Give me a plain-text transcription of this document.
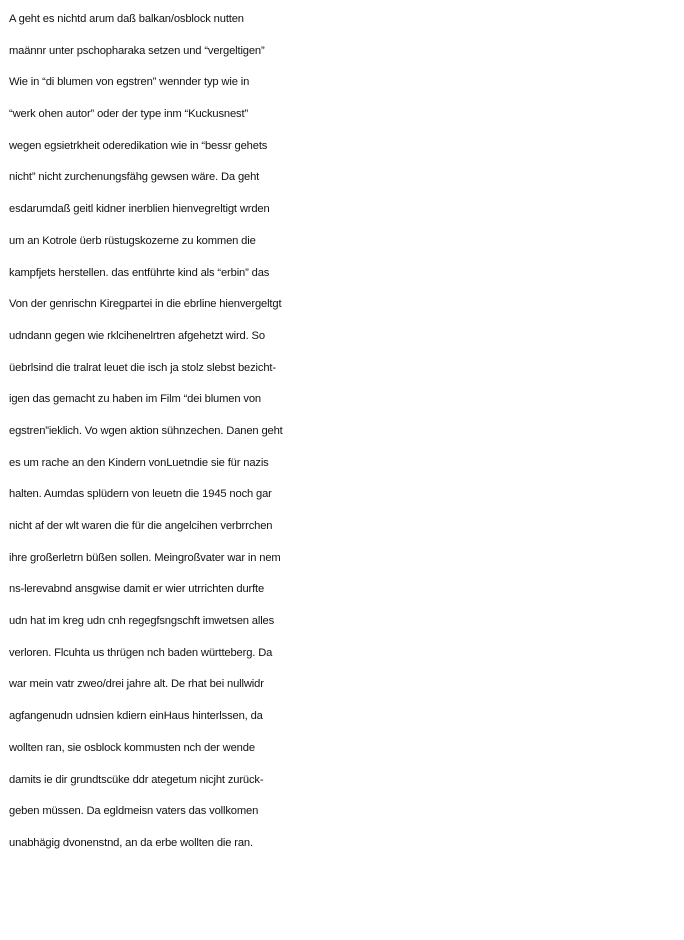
A geht es nichtd arum daß balkan/osblock nutten
maännr unter pschopharaka setzen und “vergeltigen”
Wie in “di blumen von egstren” wennder typ wie in
“werk ohen autor” oder der type inm “Kuckusnest”
wegen egsietrkheit oderedikation wie in “bessr gehets
nicht” nicht zurchenungsfähg gewsen wäre. Da geht
esdarumdaß geitl kidner inerblien hienvegreltigt wrden
um an Kotrole üerb rüstugskozerne zu kommen die
kampfjets herstellen. das entführte kind als “erbin” das
Von der genrischn Kiregpartei in die ebrline hienvergeltgt
udndann gegen wie rklcihenelrtren afgehetzt wird. So
üebrlsind die tralrat leuet die isch ja stolz slebst bezicht-
igen das gemacht zu haben im Film “dei blumen von
egstren”ieklich. Vo wgen aktion sühnzechen. Danen geht
es um rache an den Kindern vonLuetndie sie für nazis
halten. Aumdas splüdern von leuetn die 1945 noch gar
nicht af der wlt waren die für die angelcihen verbrrchen
ihre großerletrn büßen sollen. Meingroßvater war in nem
ns-lerevabnd ansgwise damit er wier utrrichten durfte
udn hat im kreg udn cnh regegfsngschft imwetsen alles
verloren. Flcuhta us thrügen nch baden württeberg. Da
war mein vatr zweo/drei jahre alt. De rhat bei nullwidr
agfangenudn udnsien kdiern einHaus hinterlssen, da
wollten ran, sie osblock kommusten nch der wende
damits ie dir grundtscüke ddr ategetum nicjht zurück-
geben müssen. Da egldmeisn vaters das vollkomen
unabhägig dvonenstnd, an da erbe wollten die ran.
